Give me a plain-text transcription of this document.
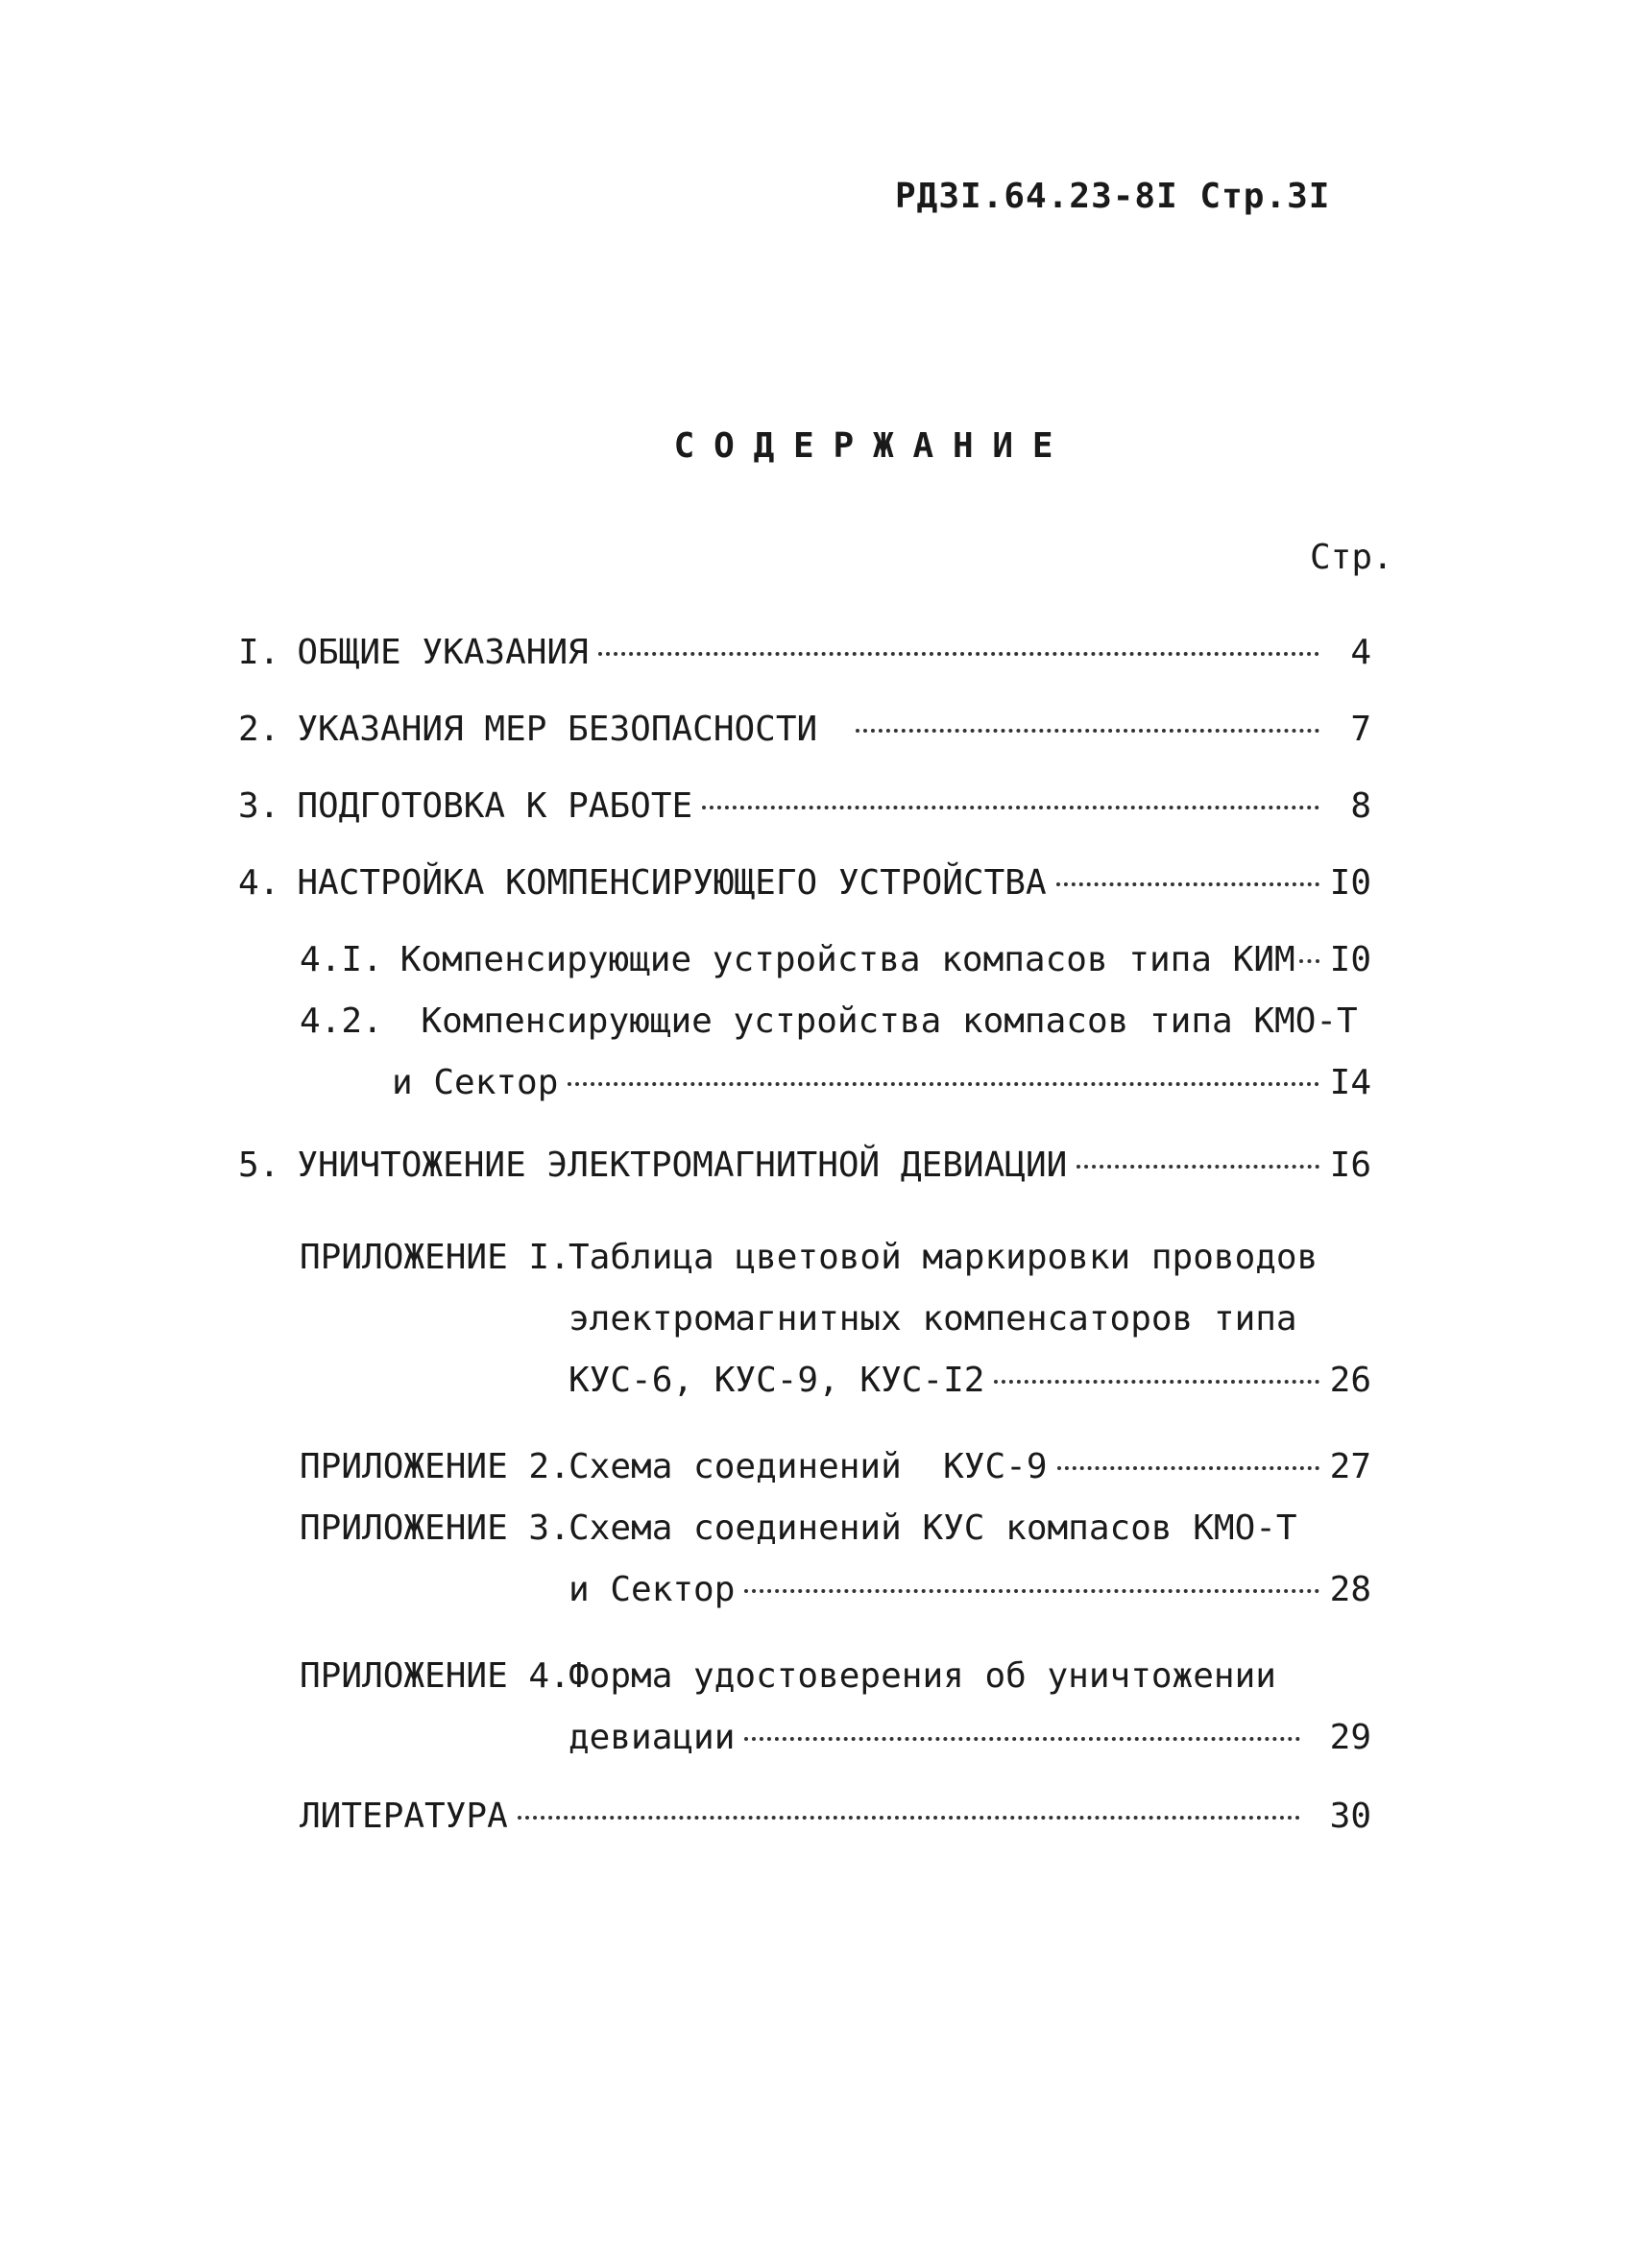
РДЗI.64.23-8I Стр.3I
СОДЕРЖАНИЕ
Стр.
I. ОБЩИЕ УКАЗАНИЯ	4
2. УКАЗАНИЯ МЕР БЕЗОПАСНОСТИ	7
3. ПОДГОТОВКА К РАБОТЕ	8
4. НАСТРОЙКА КОМПЕНСИРУЮЩЕГО УСТРОЙСТВА	I0
4.I. Компенсирующие устройства компасов типа КИМ I0
4.2. Компенсирующие устройства компасов типа КМО-Т
и Сектор	I4
5. УНИЧТОЖЕНИЕ ЭЛЕКТРОМАГНИТНОЙ ДЕВИАЦИИ	I6
ПРИЛОЖЕНИЕ I.
Таблица цветовой маркировки проводов
электромагнитных компенсаторов типа
КУС-6, КУС-9, КУС-I2	26
ПРИЛОЖЕНИЕ 2.
Схема соединений  КУС-9	27
ПРИЛОЖЕНИЕ 3.
Схема соединений КУС компасов КМО-Т
и Сектор	28
ПРИЛОЖЕНИЕ 4.
Форма удостоверения об уничтожении
девиации	29
ЛИТЕРАТУРА	30
